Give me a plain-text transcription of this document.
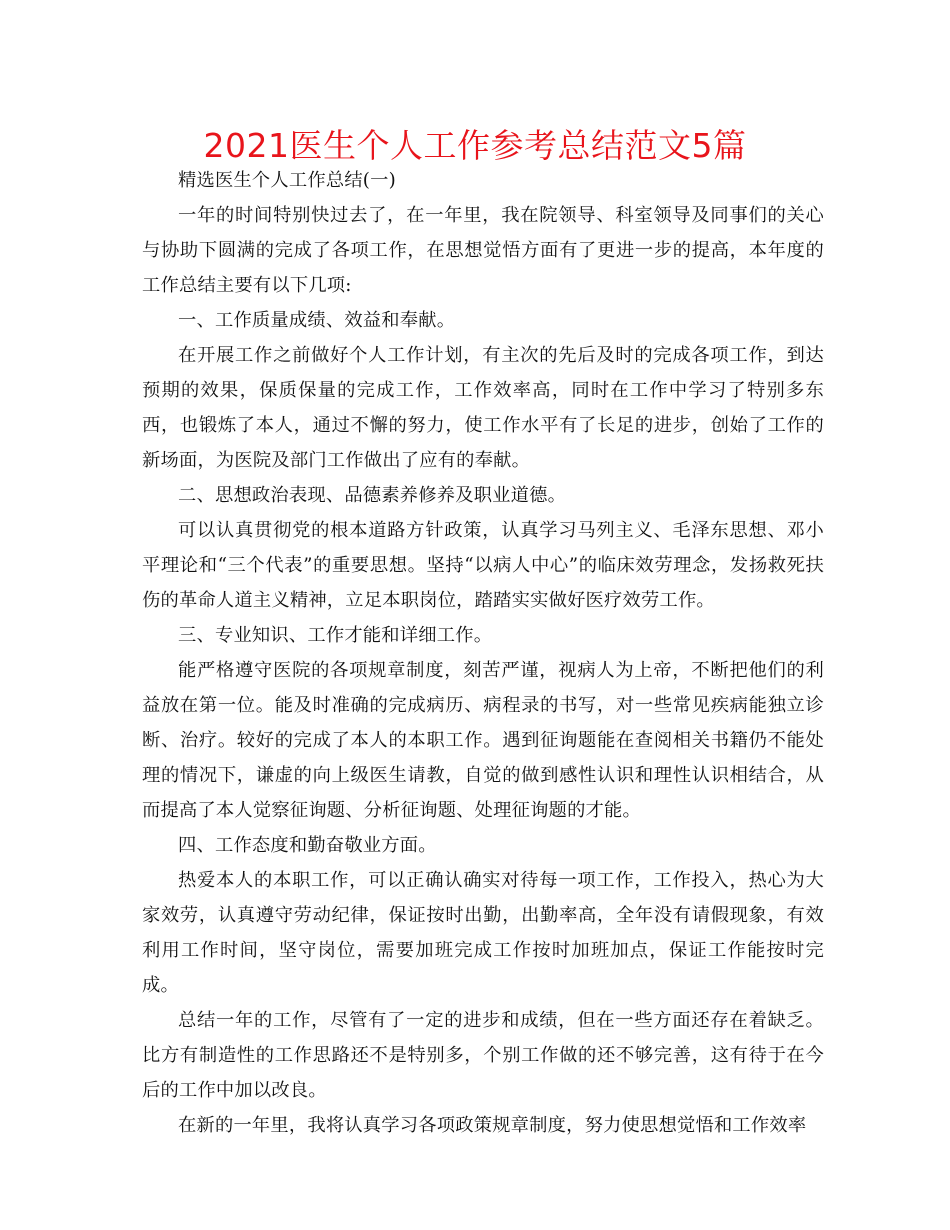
2021医生个人工作参考总结范文5篇

精选医生个人工作总结(一)

一年的时间特别快过去了，在一年里，我在院领导、科室领导及同事们的关心与协助下圆满的完成了各项工作，在思想觉悟方面有了更进一步的提高，本年度的工作总结主要有以下几项:

一、工作质量成绩、效益和奉献。

在开展工作之前做好个人工作计划，有主次的先后及时的完成各项工作，到达预期的效果，保质保量的完成工作，工作效率高，同时在工作中学习了特别多东西，也锻炼了本人，通过不懈的努力，使工作水平有了长足的进步，创始了工作的新场面，为医院及部门工作做出了应有的奉献。

二、思想政治表现、品德素养修养及职业道德。

可以认真贯彻党的根本道路方针政策，认真学习马列主义、毛泽东思想、邓小平理论和“三个代表”的重要思想。坚持“以病人中心”的临床效劳理念，发扬救死扶伤的革命人道主义精神，立足本职岗位，踏踏实实做好医疗效劳工作。

三、专业知识、工作才能和详细工作。

能严格遵守医院的各项规章制度，刻苦严谨，视病人为上帝，不断把他们的利益放在第一位。能及时准确的完成病历、病程录的书写，对一些常见疾病能独立诊断、治疗。较好的完成了本人的本职工作。遇到征询题能在查阅相关书籍仍不能处理的情况下，谦虚的向上级医生请教，自觉的做到感性认识和理性认识相结合，从而提高了本人觉察征询题、分析征询题、处理征询题的才能。

四、工作态度和勤奋敬业方面。

热爱本人的本职工作，可以正确认确实对待每一项工作，工作投入，热心为大家效劳，认真遵守劳动纪律，保证按时出勤，出勤率高，全年没有请假现象，有效利用工作时间，坚守岗位，需要加班完成工作按时加班加点，保证工作能按时完成。

总结一年的工作，尽管有了一定的进步和成绩，但在一些方面还存在着缺乏。比方有制造性的工作思路还不是特别多，个别工作做的还不够完善，这有待于在今后的工作中加以改良。

在新的一年里，我将认真学习各项政策规章制度，努力使思想觉悟和工作效率
